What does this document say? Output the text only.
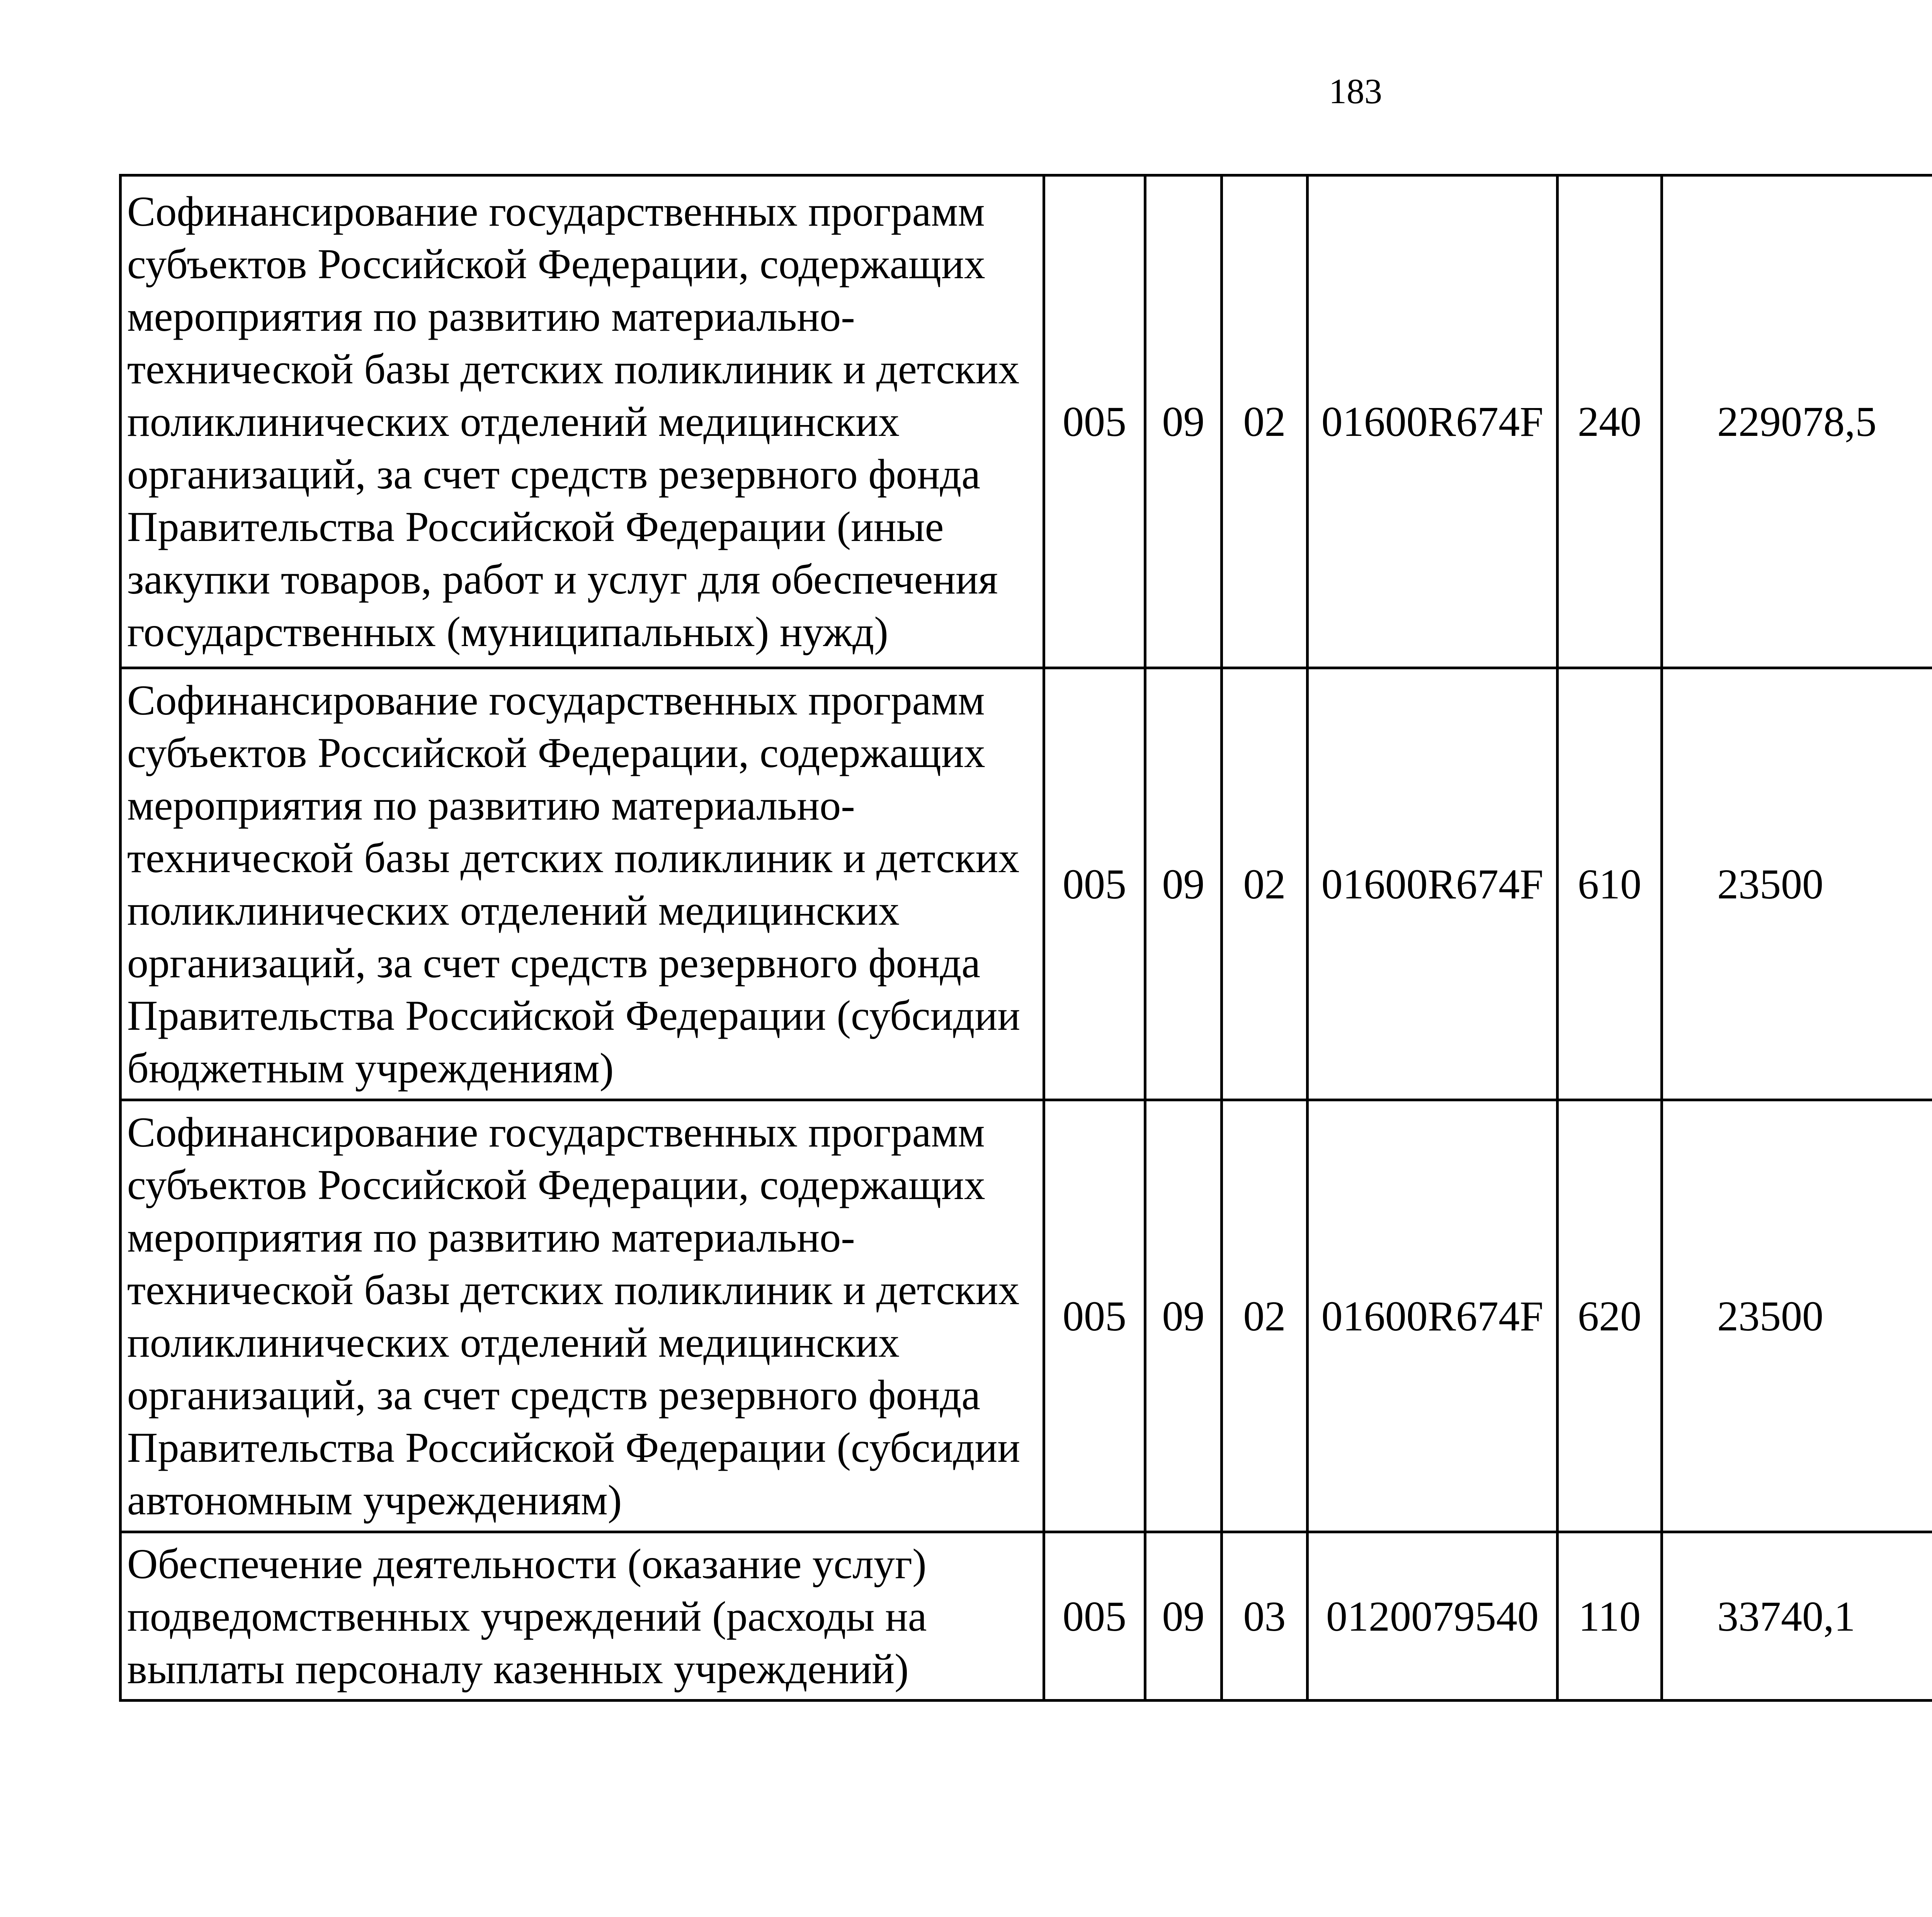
183
Софинансирование государственных программ субъектов Российской Федерации, содержащих мероприятия по развитию материально-технической базы детских поликлиник и детских поликлинических отделений медицинских организаций, за счет средств резервного фонда Правительства Российской Федерации (иные закупки товаров, работ и услуг для обеспечения государственных (муниципальных) нужд)	005	09	02	01600R674F	240	229078,5		
Софинансирование государственных программ субъектов Российской Федерации, содержащих мероприятия по развитию материально-технической базы детских поликлиник и детских поликлинических отделений медицинских организаций, за счет средств резервного фонда Правительства Российской Федерации (субсидии бюджетным учреждениям)	005	09	02	01600R674F	610	23500		
Софинансирование государственных программ субъектов Российской Федерации, содержащих мероприятия по развитию материально-технической базы детских поликлиник и детских поликлинических отделений медицинских организаций, за счет средств резервного фонда Правительства Российской Федерации (субсидии автономным учреждениям)	005	09	02	01600R674F	620	23500		
Обеспечение деятельности (оказание услуг) подведомственных учреждений (расходы на выплаты персоналу казенных учреждений)	005	09	03	0120079540	110	33740,1		
